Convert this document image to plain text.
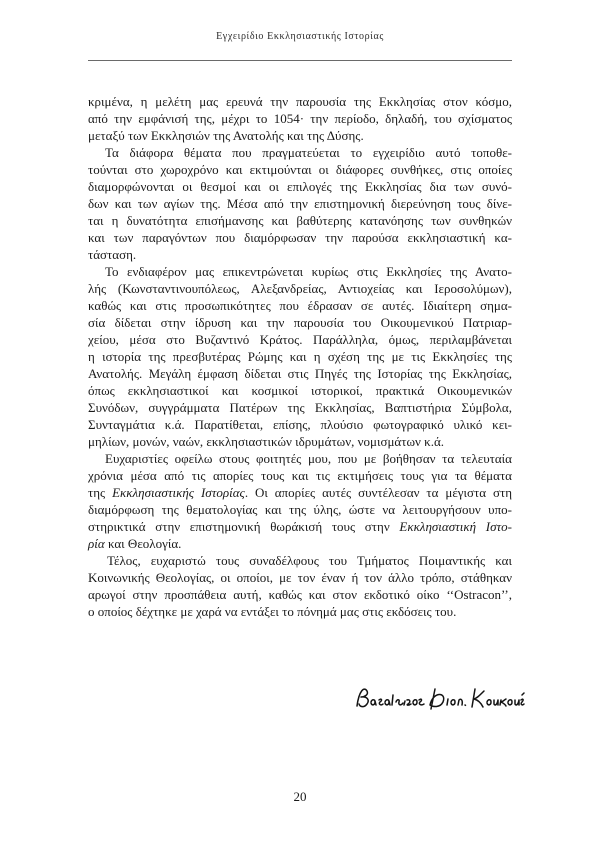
Εγχειρίδιο Εκκλησιαστικής Ιστορίας
κριμένα, η μελέτη μας ερευνά την παρουσία της Εκκλησίας στον κόσμο,
από την εμφάνισή της, μέχρι το 1054· την περίοδο, δηλαδή, του σχίσματος
μεταξύ των Εκκλησιών της Ανατολής και της Δύσης.
Τα διάφορα θέματα που πραγματεύεται το εγχειρίδιο αυτό τοποθε-
τούνται στο χωροχρόνο και εκτιμούνται οι διάφορες συνθήκες, στις οποίες
διαμορφώνονται οι θεσμοί και οι επιλογές της Εκκλησίας δια των συνό-
δων και των αγίων της. Μέσα από την επιστημονική διερεύνηση τους δίνε-
ται η δυνατότητα επισήμανσης και βαθύτερης κατανόησης των συνθηκών
και των παραγόντων που διαμόρφωσαν την παρούσα εκκλησιαστική κα-
τάσταση.
Το ενδιαφέρον μας επικεντρώνεται κυρίως στις Εκκλησίες της Ανατο-
λής (Κωνσταντινουπόλεως, Αλεξανδρείας, Αντιοχείας και Ιεροσολύμων),
καθώς και στις προσωπικότητες που έδρασαν σε αυτές. Ιδιαίτερη σημα-
σία δίδεται στην ίδρυση και την παρουσία του Οικουμενικού Πατριαρ-
χείου, μέσα στο Βυζαντινό Κράτος. Παράλληλα, όμως, περιλαμβάνεται
η ιστορία της πρεσβυτέρας Ρώμης και η σχέση της με τις Εκκλησίες της
Ανατολής. Μεγάλη έμφαση δίδεται στις Πηγές της Ιστορίας της Εκκλησίας,
όπως εκκλησιαστικοί και κοσμικοί ιστορικοί, πρακτικά Οικουμενικών
Συνόδων, συγγράμματα Πατέρων της Εκκλησίας, Βαπτιστήρια Σύμβολα,
Συνταγμάτια κ.ά. Παρατίθεται, επίσης, πλούσιο φωτογραφικό υλικό κει-
μηλίων, μονών, ναών, εκκλησιαστικών ιδρυμάτων, νομισμάτων κ.ά.
Ευχαριστίες οφείλω στους φοιτητές μου, που με βοήθησαν τα τελευταία
χρόνια μέσα από τις απορίες τους και τις εκτιμήσεις τους για τα θέματα
της Εκκλησιαστικής Ιστορίας. Οι απορίες αυτές συντέλεσαν τα μέγιστα στη
διαμόρφωση της θεματολογίας και της ύλης, ώστε να λειτουργήσουν υπο-
στηρικτικά στην επιστημονική θωράκισή τους στην Εκκλησιαστική Ιστο-
ρία και Θεολογία.
Τέλος, ευχαριστώ τους συναδέλφους του Τμήματος Ποιμαντικής και
Κοινωνικής Θεολογίας, οι οποίοι, με τον έναν ή τον άλλο τρόπο, στάθηκαν
αρωγοί στην προσπάθεια αυτή, καθώς και στον εκδοτικό οίκο ‘‘Ostracon’’,
ο οποίος δέχτηκε με χαρά να εντάξει το πόνημά μας στις εκδόσεις του.
20
